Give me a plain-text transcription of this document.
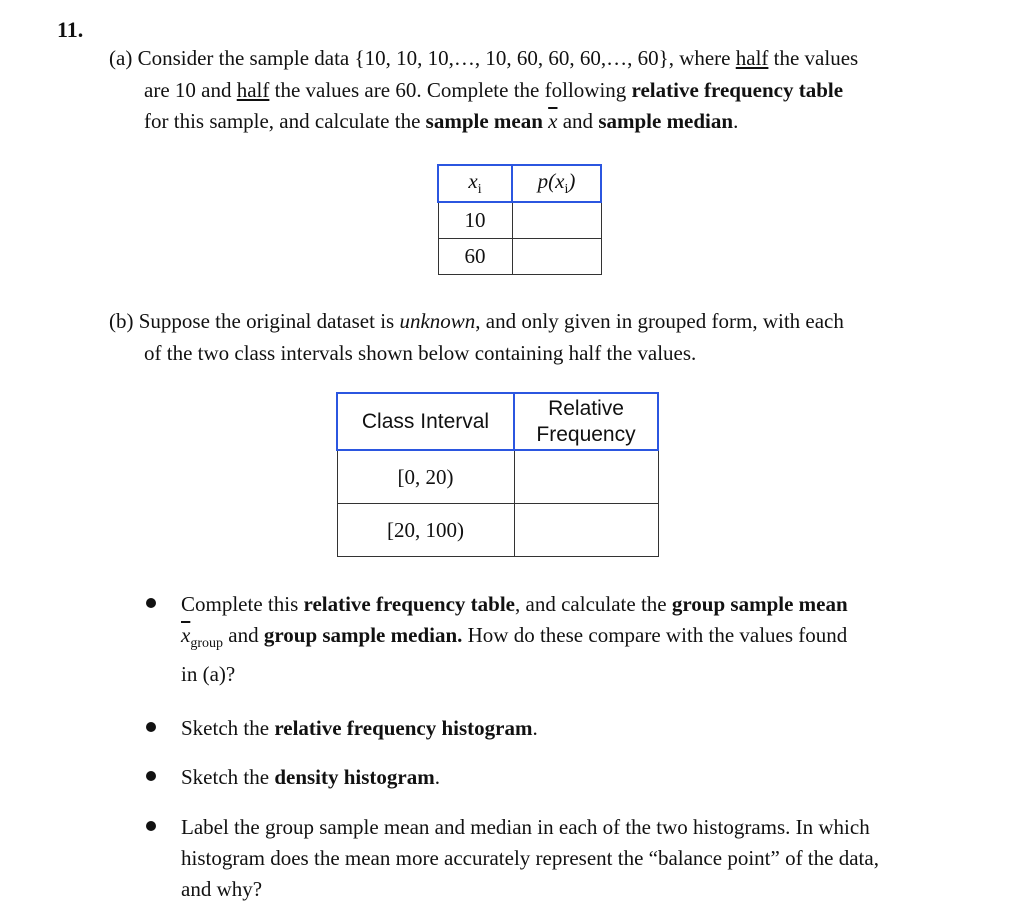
11.
(a) Consider the sample data {10, 10, 10,…, 10, 60, 60, 60,…, 60}, where half the values
are 10 and half the values are 60. Complete the following relative frequency table
for this sample, and calculate the sample mean $\overline{x}$ and sample median.
$x_i$	$p(x_i)$
10	
60	
(b) Suppose the original dataset is unknown, and only given in grouped form, with each
of the two class intervals shown below containing half the values.
Class Interval	Relative
Frequency
[0, 20)	
[20, 100)	
Complete this relative frequency table, and calculate the group sample mean
$\overline{x}_{group}$ and group sample median. How do these compare with the values found
in (a)?
Sketch the relative frequency histogram.
Sketch the density histogram.
Label the group sample mean and median in each of the two histograms. In which
histogram does the mean more accurately represent the “balance point” of the data,
and why?
